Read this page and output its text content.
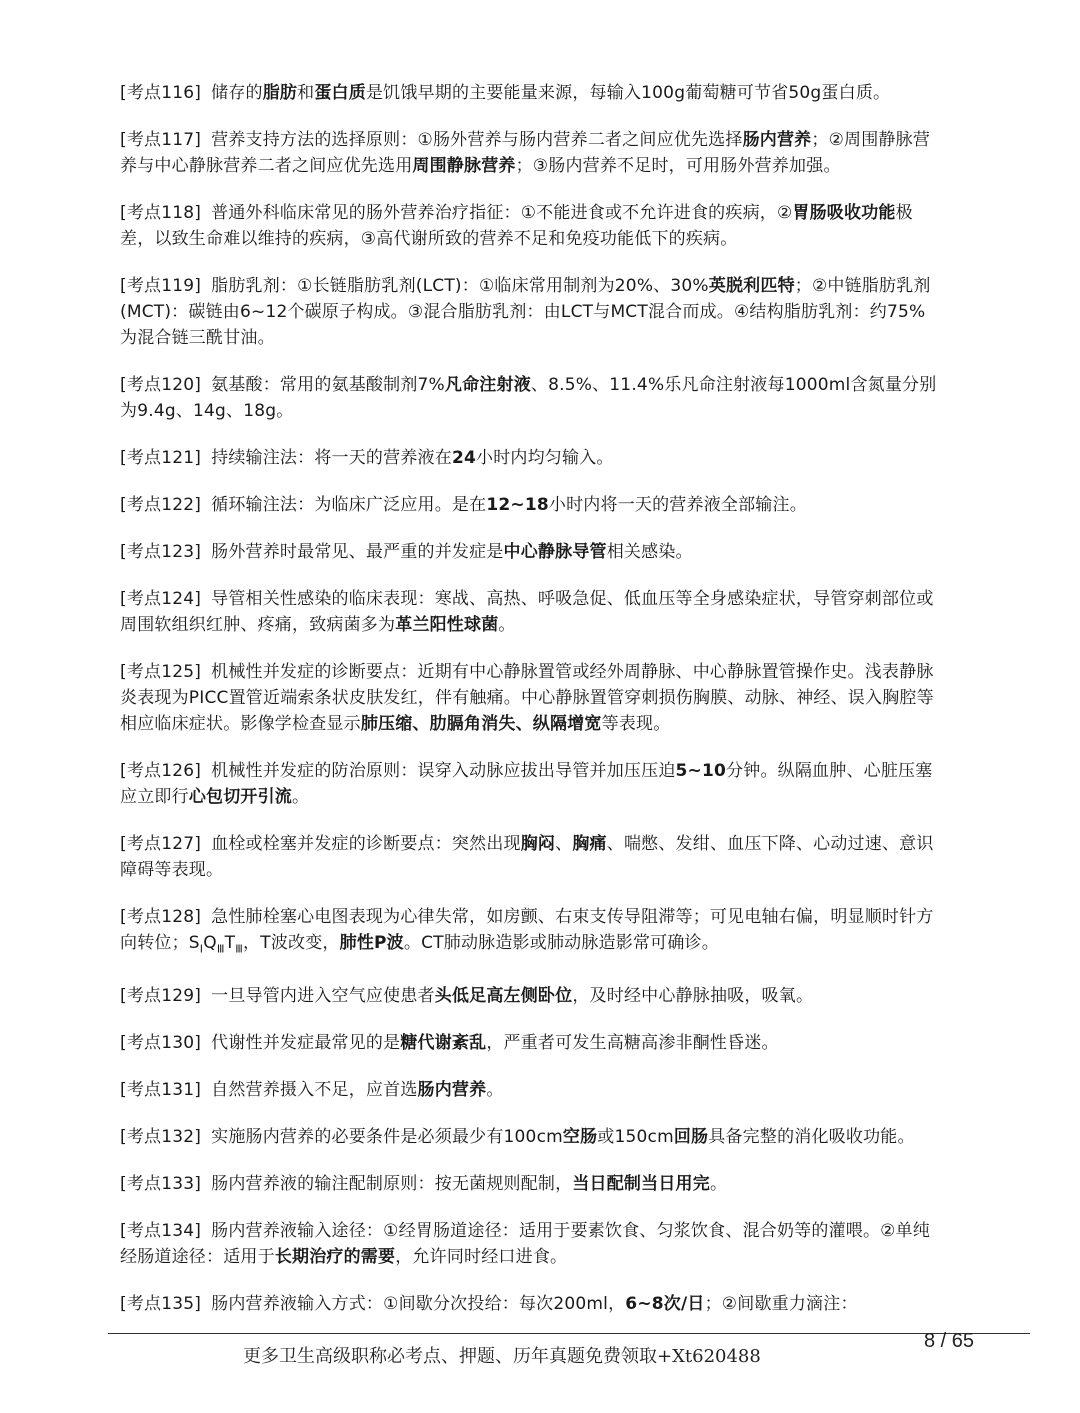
[考点116] 储存的脂肪和蛋白质是饥饿早期的主要能量来源，每输入100g葡萄糖可节省50g蛋白质。
[考点117] 营养支持方法的选择原则：①肠外营养与肠内营养二者之间应优先选择肠内营养；②周围静脉营养与中心静脉营养二者之间应优先选用周围静脉营养；③肠内营养不足时，可用肠外营养加强。
[考点118] 普通外科临床常见的肠外营养治疗指征：①不能进食或不允许进食的疾病，②胃肠吸收功能极差，以致生命难以维持的疾病，③高代谢所致的营养不足和免疫功能低下的疾病。
[考点119] 脂肪乳剂：①长链脂肪乳剂(LCT)：①临床常用制剂为20%、30%英脱利匹特；②中链脂肪乳剂(MCT)：碳链由6~12个碳原子构成。③混合脂肪乳剂：由LCT与MCT混合而成。④结构脂肪乳剂：约75%为混合链三酰甘油。
[考点120] 氨基酸：常用的氨基酸制剂7%凡命注射液、8.5%、11.4%乐凡命注射液每1000ml含氮量分别为9.4g、14g、18g。
[考点121] 持续输注法：将一天的营养液在24小时内均匀输入。
[考点122] 循环输注法：为临床广泛应用。是在12~18小时内将一天的营养液全部输注。
[考点123] 肠外营养时最常见、最严重的并发症是中心静脉导管相关感染。
[考点124] 导管相关性感染的临床表现：寒战、高热、呼吸急促、低血压等全身感染症状，导管穿刺部位或周围软组织红肿、疼痛，致病菌多为革兰阳性球菌。
[考点125] 机械性并发症的诊断要点：近期有中心静脉置管或经外周静脉、中心静脉置管操作史。浅表静脉炎表现为PICC置管近端索条状皮肤发红，伴有触痛。中心静脉置管穿刺损伤胸膜、动脉、神经、误入胸腔等相应临床症状。影像学检查显示肺压缩、肋膈角消失、纵隔增宽等表现。
[考点126] 机械性并发症的防治原则：误穿入动脉应拔出导管并加压压迫5~10分钟。纵隔血肿、心脏压塞应立即行心包切开引流。
[考点127] 血栓或栓塞并发症的诊断要点：突然出现胸闷、胸痛、喘憋、发绀、血压下降、心动过速、意识障碍等表现。
[考点128] 急性肺栓塞心电图表现为心律失常，如房颤、右束支传导阻滞等；可见电轴右偏，明显顺时针方向转位；$S_ⅠQ_ⅢT_Ⅲ$，T波改变，肺性P波。CT肺动脉造影或肺动脉造影常可确诊。
[考点129] 一旦导管内进入空气应使患者头低足高左侧卧位，及时经中心静脉抽吸，吸氧。
[考点130] 代谢性并发症最常见的是糖代谢紊乱，严重者可发生高糖高渗非酮性昏迷。
[考点131] 自然营养摄入不足，应首选肠内营养。
[考点132] 实施肠内营养的必要条件是必须最少有100cm空肠或150cm回肠具备完整的消化吸收功能。
[考点133] 肠内营养液的输注配制原则：按无菌规则配制，当日配制当日用完。
[考点134] 肠内营养液输入途径：①经胃肠道途径：适用于要素饮食、匀浆饮食、混合奶等的灌喂。②单纯经肠道途径：适用于长期治疗的需要，允许同时经口进食。
[考点135] 肠内营养液输入方式：①间歇分次投给：每次200ml，6~8次/日；②间歇重力滴注：
更多卫生高级职称必考点、押题、历年真题免费领取+Xt620488
8 / 65
